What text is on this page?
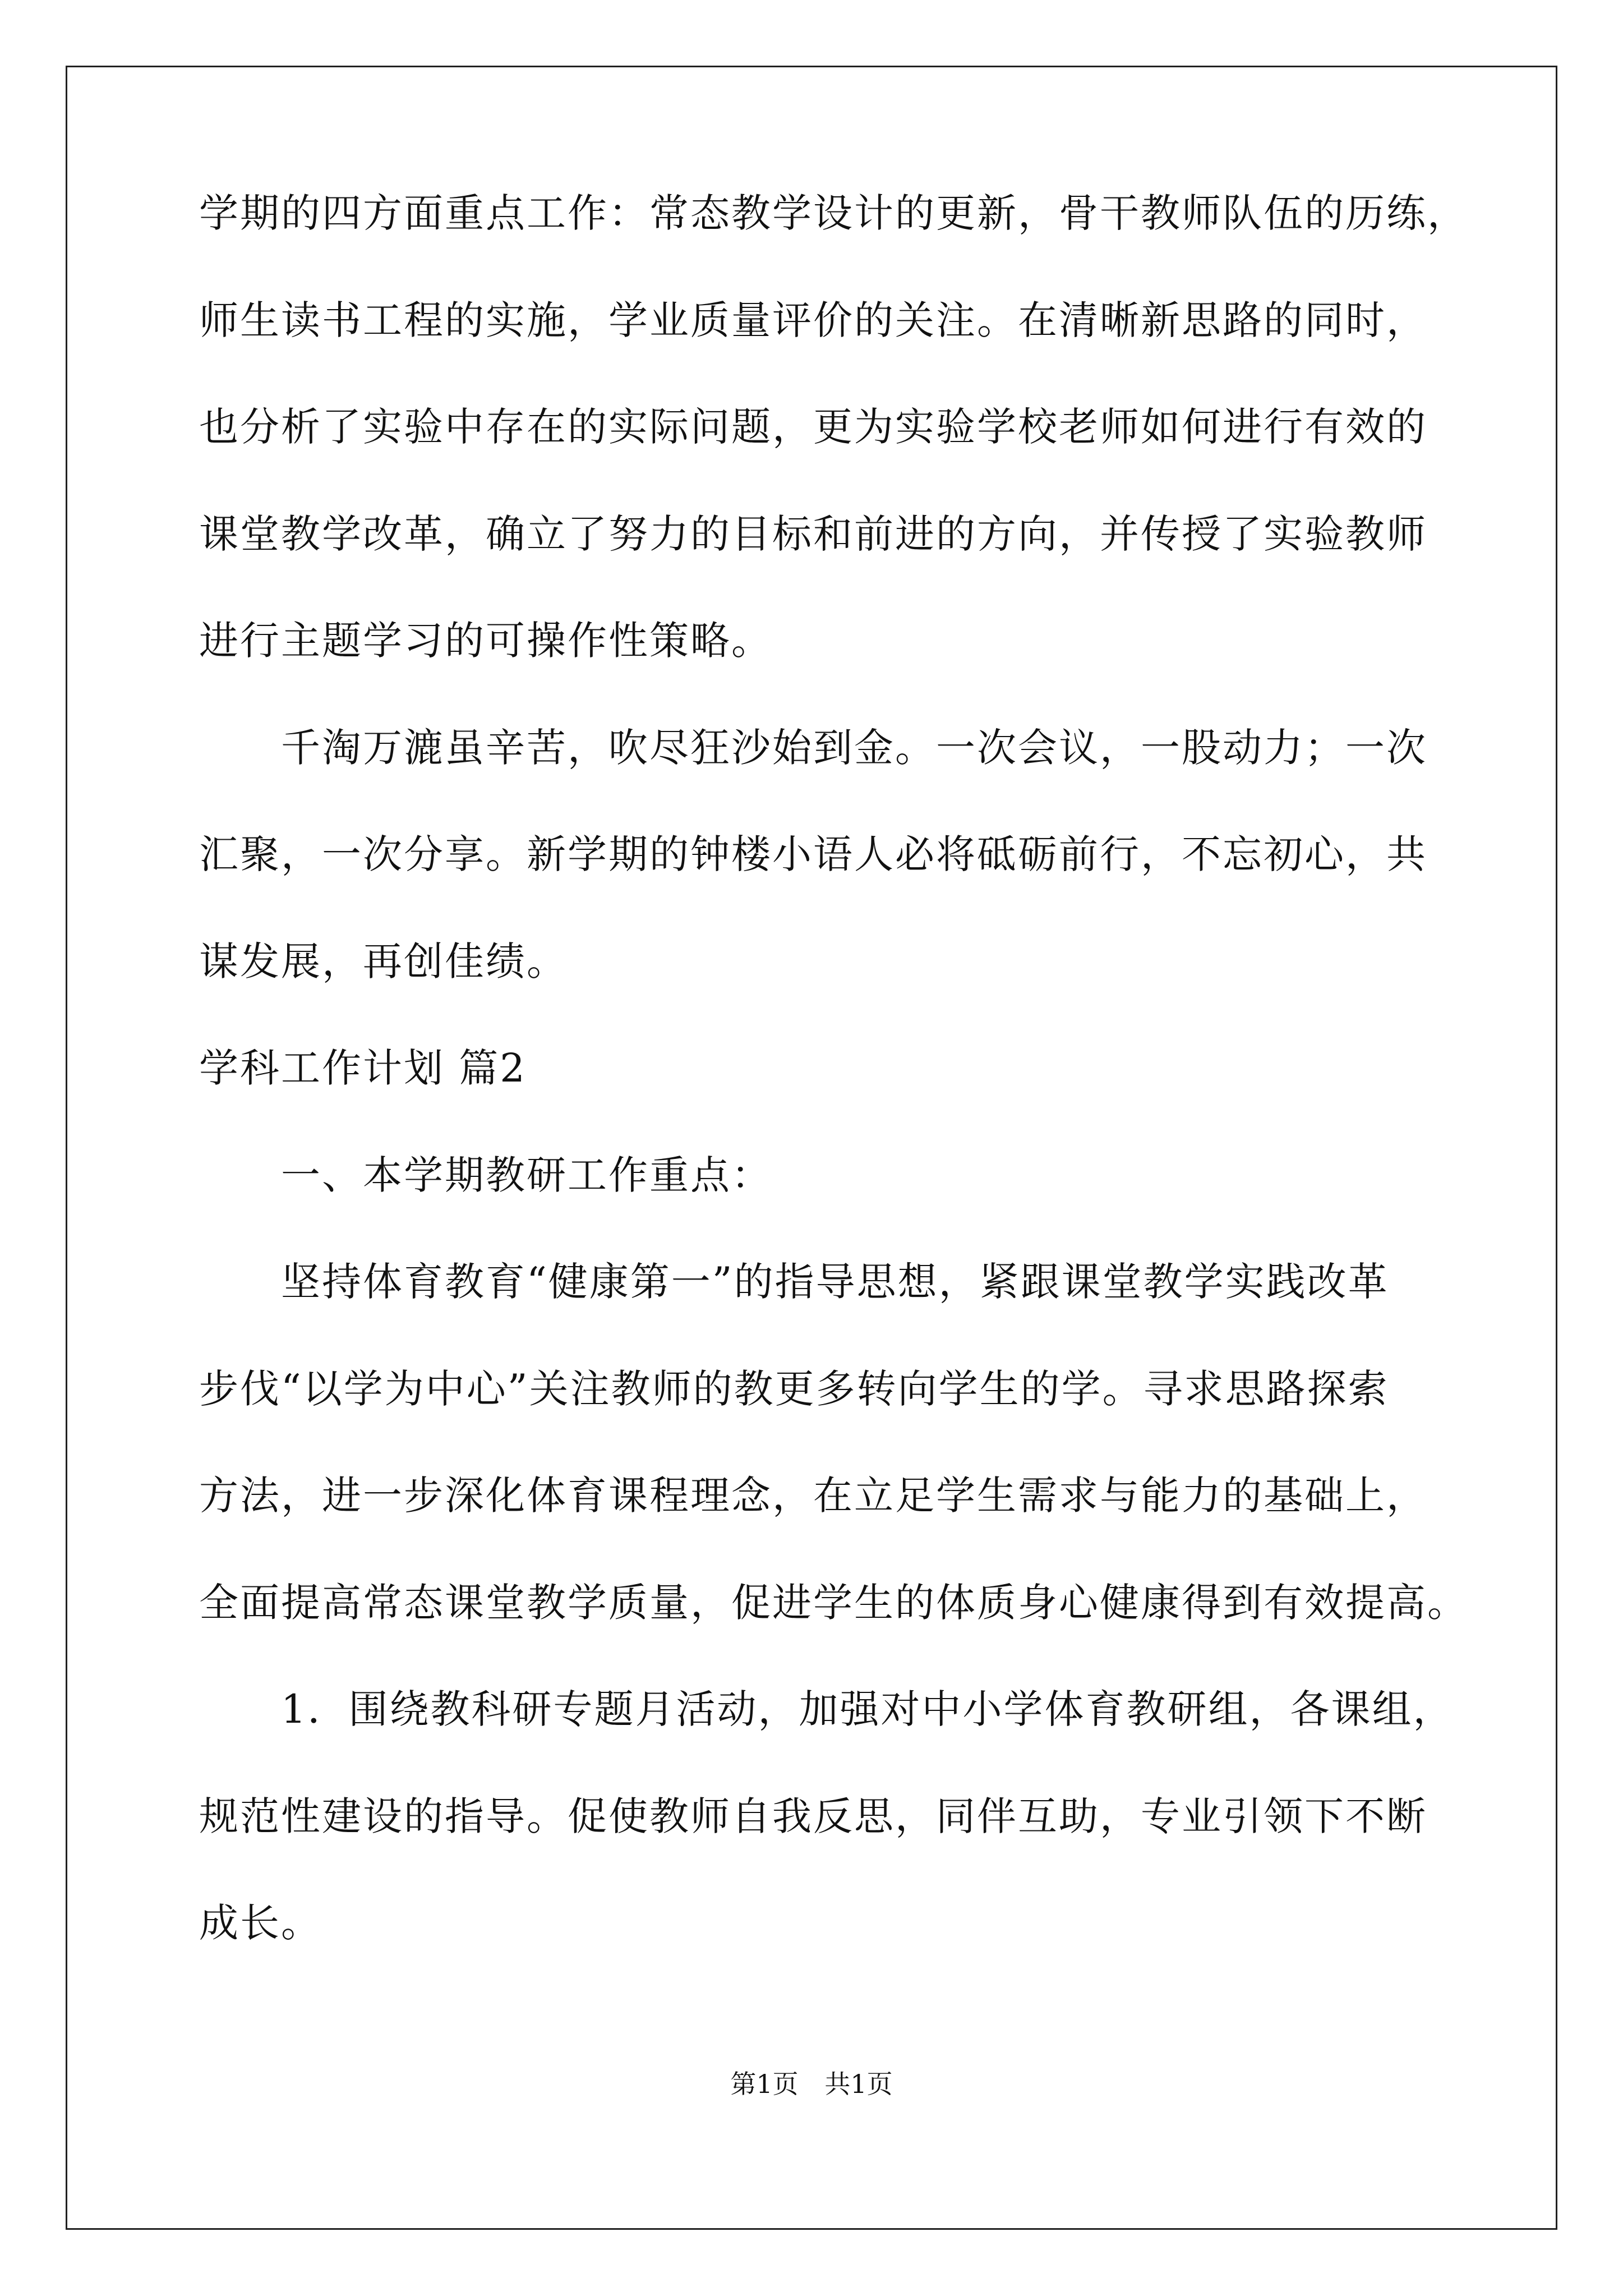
学期的四方面重点工作：常态教学设计的更新，骨干教师队伍的历练，
师生读书工程的实施，学业质量评价的关注。在清晰新思路的同时，
也分析了实验中存在的实际问题，更为实验学校老师如何进行有效的
课堂教学改革，确立了努力的目标和前进的方向，并传授了实验教师
进行主题学习的可操作性策略。
千淘万漉虽辛苦，吹尽狂沙始到金。一次会议，一股动力；一次
汇聚，一次分享。新学期的钟楼小语人必将砥砺前行，不忘初心，共
谋发展，再创佳绩。
学科工作计划 篇2
一、本学期教研工作重点：
坚持体育教育“健康第一”的指导思想，紧跟课堂教学实践改革
步伐“以学为中心”关注教师的教更多转向学生的学。寻求思路探索
方法，进一步深化体育课程理念，在立足学生需求与能力的基础上，
全面提高常态课堂教学质量，促进学生的体质身心健康得到有效提高。
1．围绕教科研专题月活动，加强对中小学体育教研组，各课组，
规范性建设的指导。促使教师自我反思，同伴互助，专业引领下不断
成长。
第1页 共1页
